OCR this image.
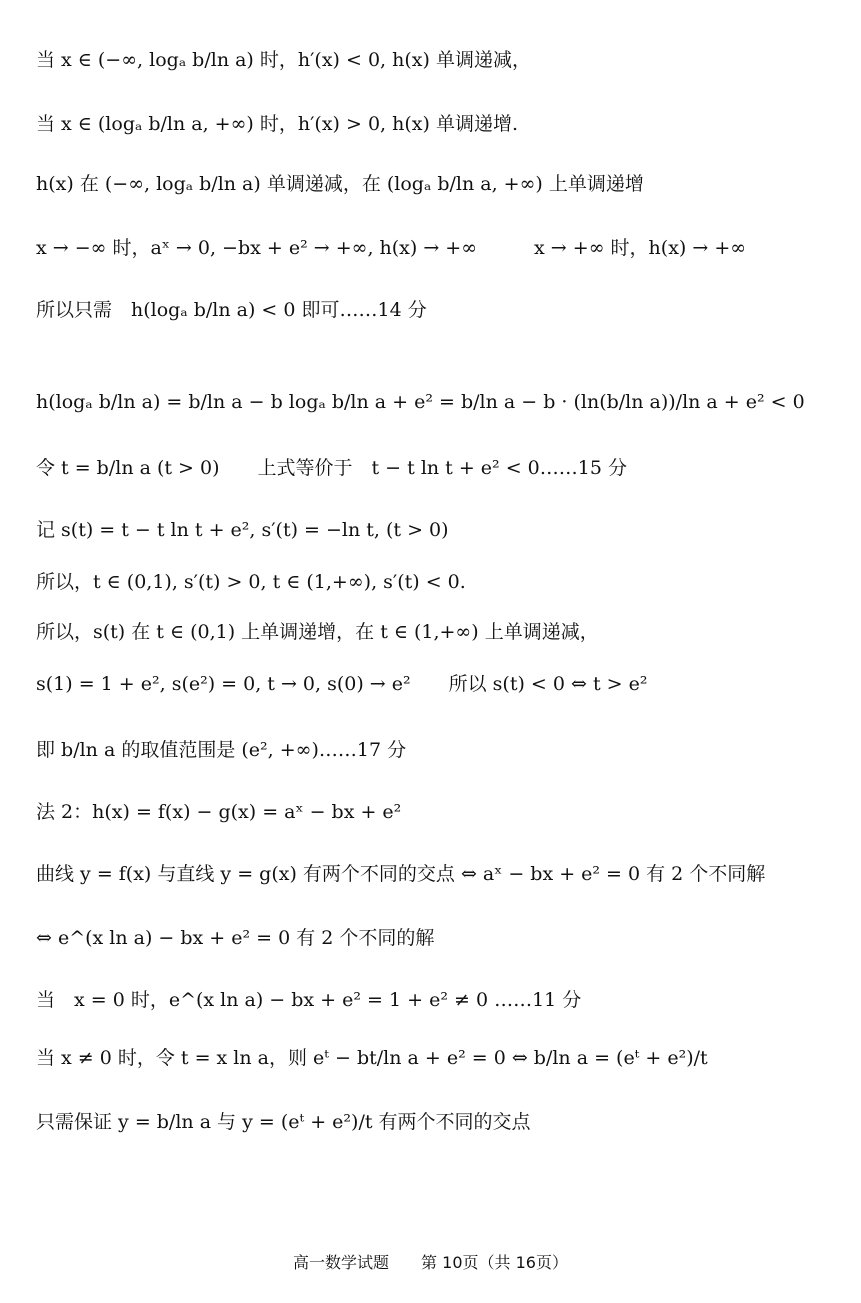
当 x ∈ (−∞, logₐ b/ln a) 时，h′(x) < 0, h(x) 单调递减，
当 x ∈ (logₐ b/ln a, +∞) 时，h′(x) > 0, h(x) 单调递增.
h(x) 在 (−∞, logₐ b/ln a) 单调递减，在 (logₐ b/ln a, +∞) 上单调递增
x → −∞ 时，aˣ → 0, −bx + e² → +∞, h(x) → +∞　　　x → +∞ 时，h(x) → +∞
所以只需　h(logₐ b/ln a) < 0 即可……14 分
h(logₐ b/ln a) = b/ln a − b logₐ b/ln a + e² = b/ln a − b · (ln(b/ln a))/ln a + e² < 0
令 t = b/ln a (t > 0)　　上式等价于　t − t ln t + e² < 0……15 分
记 s(t) = t − t ln t + e², s′(t) = −ln t, (t > 0)
所以，t ∈ (0,1), s′(t) > 0, t ∈ (1,+∞), s′(t) < 0.
所以，s(t) 在 t ∈ (0,1) 上单调递增，在 t ∈ (1,+∞) 上单调递减，
s(1) = 1 + e², s(e²) = 0, t → 0, s(0) → e²　　所以 s(t) < 0 ⇔ t > e²
即 b/ln a 的取值范围是 (e², +∞)……17 分
法 2：h(x) = f(x) − g(x) = aˣ − bx + e²
曲线 y = f(x) 与直线 y = g(x) 有两个不同的交点 ⇔ aˣ − bx + e² = 0 有 2 个不同解
⇔ e^(x ln a) − bx + e² = 0 有 2 个不同的解
当　x = 0 时，e^(x ln a) − bx + e² = 1 + e² ≠ 0 ……11 分
当 x ≠ 0 时，令 t = x ln a，则 eᵗ − bt/ln a + e² = 0 ⇔ b/ln a = (eᵗ + e²)/t
只需保证 y = b/ln a 与 y = (eᵗ + e²)/t 有两个不同的交点
高一数学试题　　第 10页（共 16页）
